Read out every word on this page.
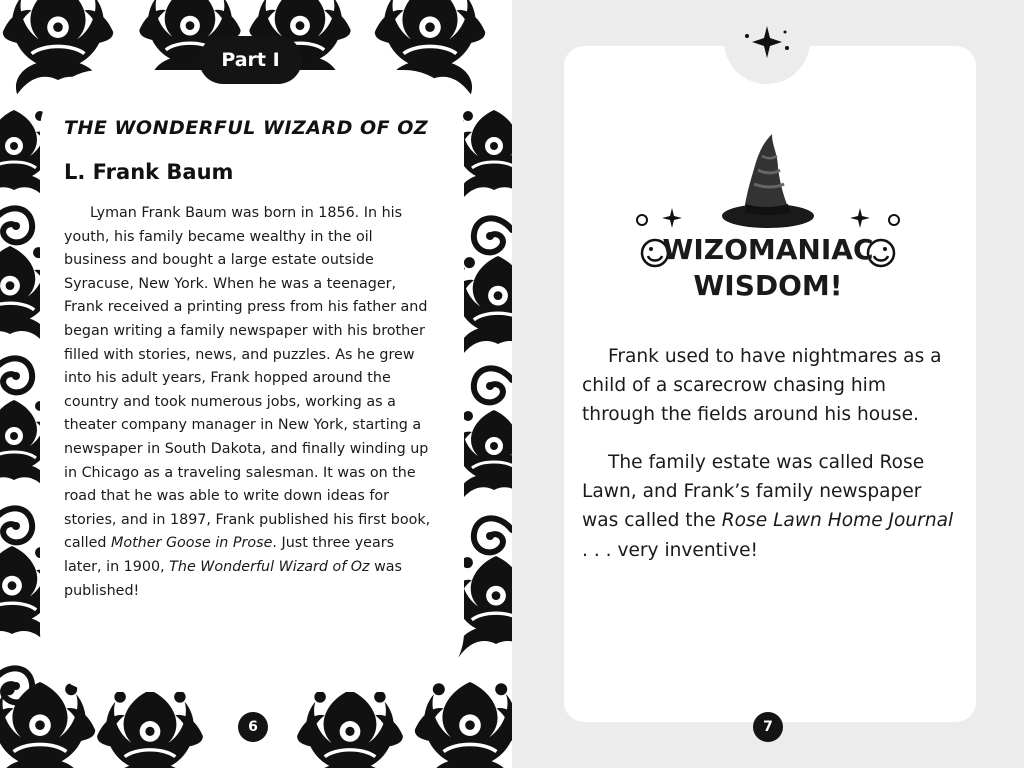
Part I
THE WONDERFUL WIZARD OF OZ
L. Frank Baum

Lyman Frank Baum was born in 1856. In his youth, his family became wealthy in the oil business and bought a large estate outside Syracuse, New York. When he was a teenager, Frank received a printing press from his father and began writing a family newspaper with his brother filled with stories, news, and puzzles. As he grew into his adult years, Frank hopped around the country and took numerous jobs, working as a theater company manager in New York, starting a newspaper in South Dakota, and finally winding up in Chicago as a traveling salesman. It was on the road that he was able to write down ideas for stories, and in 1897, Frank published his first book, called Mother Goose in Prose. Just three years later, in 1900, The Wonderful Wizard of Oz was published!

6
WIZOMANIAC
WISDOM!

Frank used to have nightmares as a child of a scarecrow chasing him through the fields around his house.

The family estate was called Rose Lawn, and Frank’s family newspaper was called the Rose Lawn Home Journal . . . very inventive!

7
